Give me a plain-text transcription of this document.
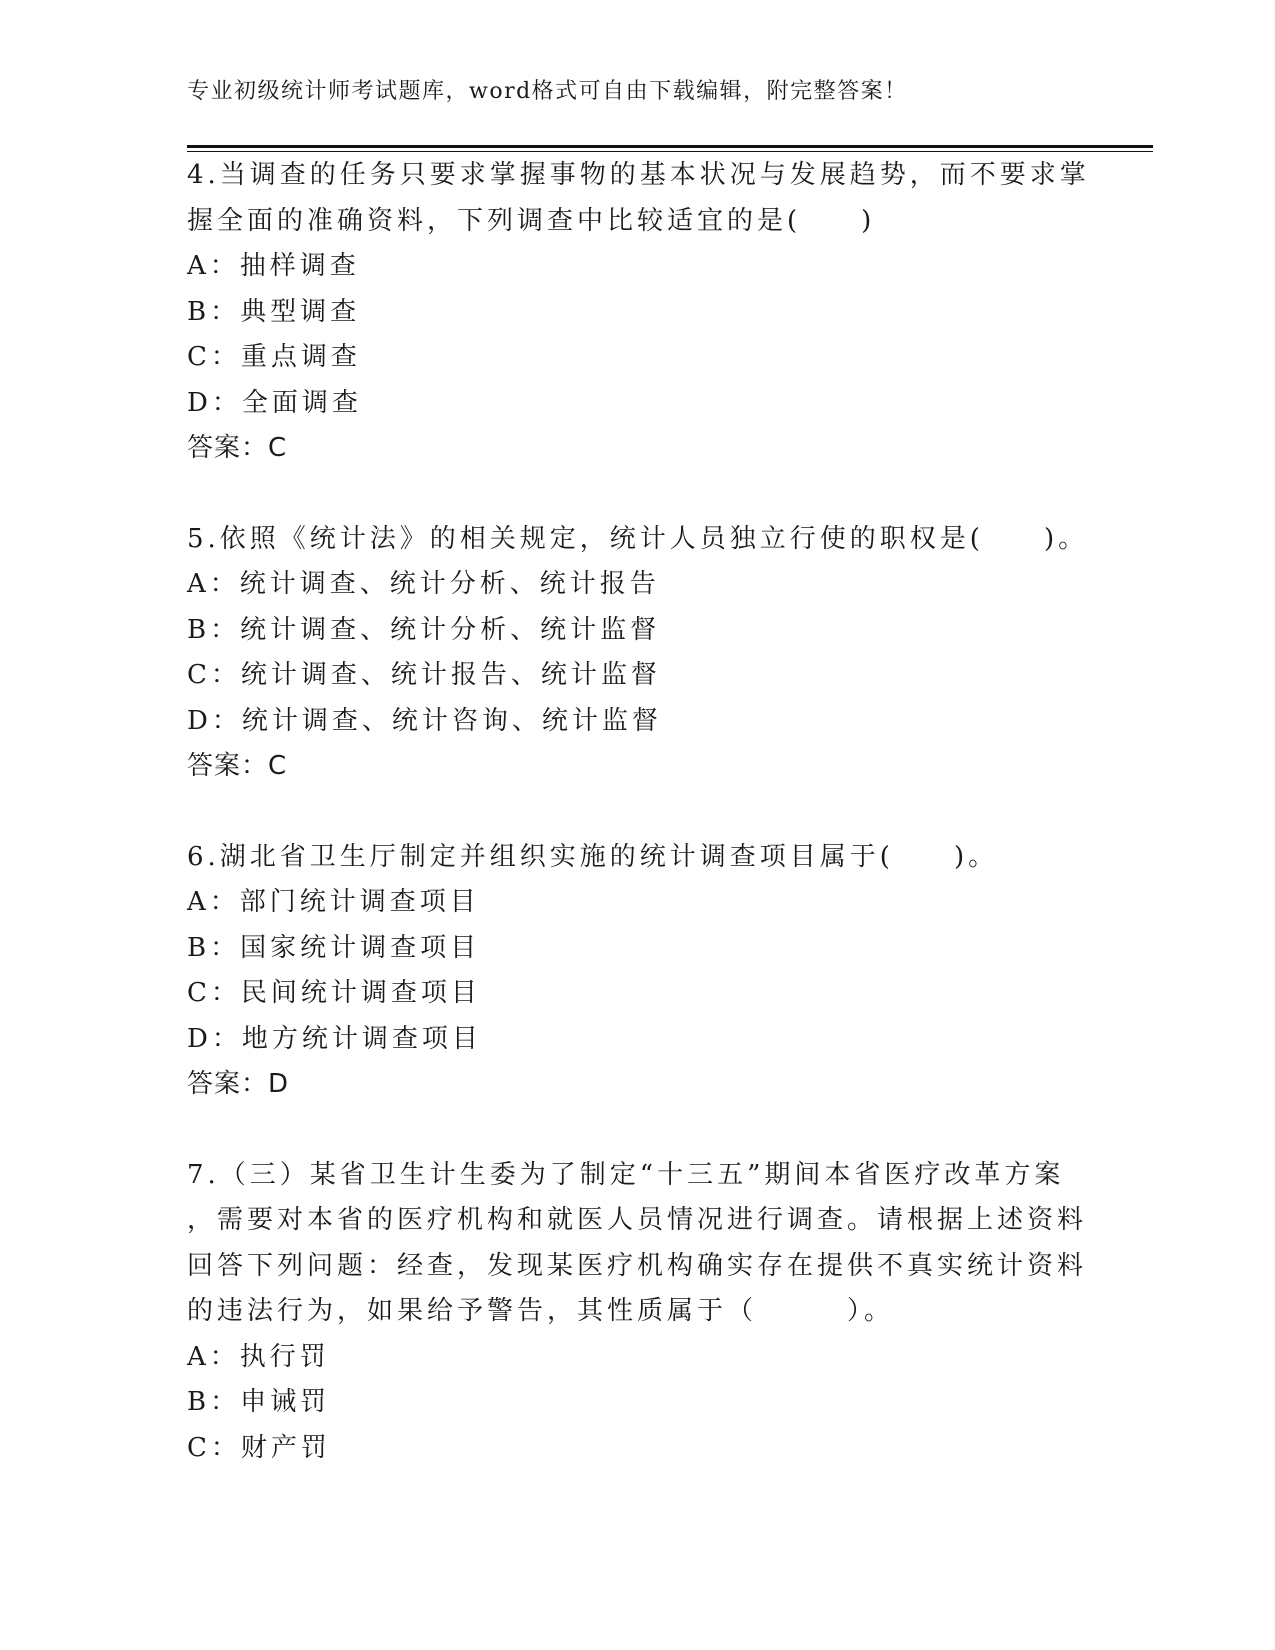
专业初级统计师考试题库，word格式可自由下载编辑，附完整答案！
4.当调查的任务只要求掌握事物的基本状况与发展趋势，而不要求掌
握全面的准确资料，下列调查中比较适宜的是(　　)
A：抽样调查
B：典型调查
C：重点调查
D：全面调查
答案：C
5.依照《统计法》的相关规定，统计人员独立行使的职权是(　　)。
A：统计调查、统计分析、统计报告
B：统计调查、统计分析、统计监督
C：统计调查、统计报告、统计监督
D：统计调查、统计咨询、统计监督
答案：C
6.湖北省卫生厅制定并组织实施的统计调查项目属于(　　)。
A：部门统计调查项目
B：国家统计调查项目
C：民间统计调查项目
D：地方统计调查项目
答案：D
7.（三）某省卫生计生委为了制定“十三五”期间本省医疗改革方案
，需要对本省的医疗机构和就医人员情况进行调查。请根据上述资料
回答下列问题：经查，发现某医疗机构确实存在提供不真实统计资料
的违法行为，如果给予警告，其性质属于（　　　）。
A：执行罚
B：申诫罚
C：财产罚
